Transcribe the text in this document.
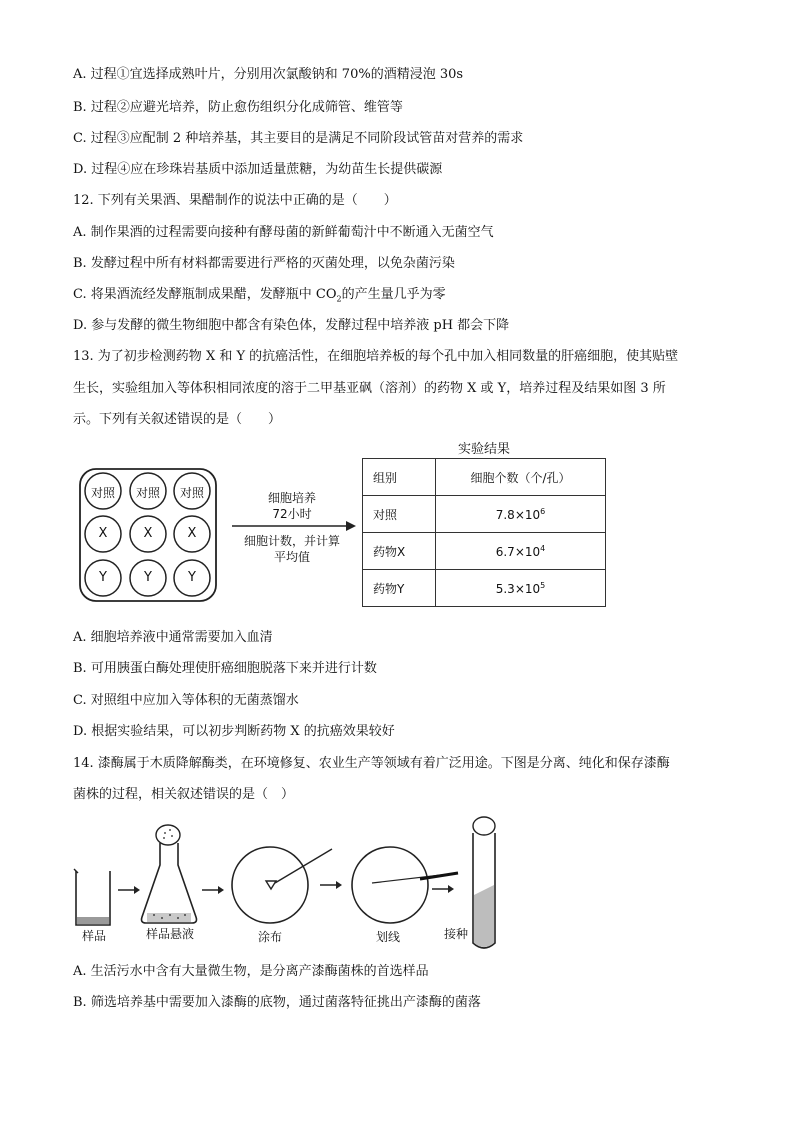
A. 过程①宜选择成熟叶片，分别用次氯酸钠和 70%的酒精浸泡 30s
B. 过程②应避光培养，防止愈伤组织分化成筛管、维管等
C. 过程③应配制 2 种培养基，其主要目的是满足不同阶段试管苗对营养的需求
D. 过程④应在珍珠岩基质中添加适量蔗糖，为幼苗生长提供碳源
12. 下列有关果酒、果醋制作的说法中正确的是（　　）
A. 制作果酒的过程需要向接种有酵母菌的新鲜葡萄汁中不断通入无菌空气
B. 发酵过程中所有材料都需要进行严格的灭菌处理，以免杂菌污染
C. 将果酒流经发酵瓶制成果醋，发酵瓶中 $CO_2$的产生量几乎为零
D. 参与发酵的微生物细胞中都含有染色体，发酵过程中培养液 pH 都会下降
13. 为了初步检测药物 X 和 Y 的抗癌活性，在细胞培养板的每个孔中加入相同数量的肝癌细胞，使其贴壁
生长，实验组加入等体积相同浓度的溶于二甲基亚砜（溶剂）的药物 X 或 Y，培养过程及结果如图 3 所
示。下列有关叙述错误的是（　　）
对照	对照	对照
X	X	X
Y	Y	Y
细胞培养
72小时
细胞计数，并计算
平均值
实验结果
组别	细胞个数（个/孔）
对照	$7.8\times 10^6$
药物X	$6.7\times 10^4$
药物Y	$5.3\times 10^5$
A. 细胞培养液中通常需要加入血清
B. 可用胰蛋白酶处理使肝癌细胞脱落下来并进行计数
C. 对照组中应加入等体积的无菌蒸馏水
D. 根据实验结果，可以初步判断药物 X 的抗癌效果较好
14. 漆酶属于木质降解酶类，在环境修复、农业生产等领域有着广泛用途。下图是分离、纯化和保存漆酶
菌株的过程，相关叙述错误的是（　）
样品	样品悬液	涂布	划线	接种
A. 生活污水中含有大量微生物，是分离产漆酶菌株的首选样品
B. 筛选培养基中需要加入漆酶的底物，通过菌落特征挑出产漆酶的菌落
